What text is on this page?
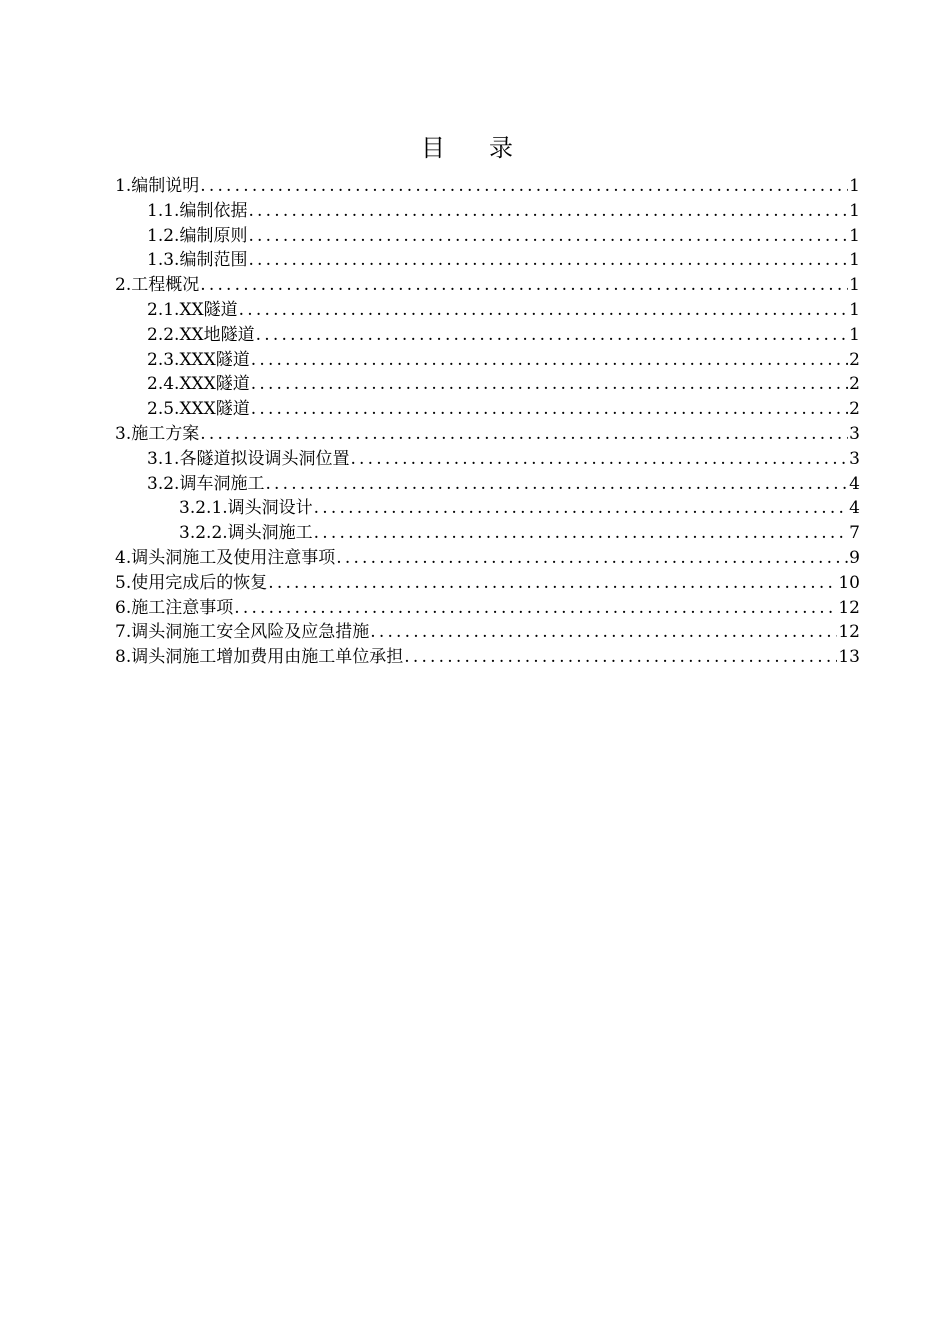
目录
1.编制说明 .....	1
1.1.编制依据 .....	1
1.2.编制原则 .....	1
1.3.编制范围 .....	1
2.工程概况 .....	1
2.1.XX隧道 .....	1
2.2.XX地隧道 .....	1
2.3.XXX隧道 .....	2
2.4.XXX隧道 .....	2
2.5.XXX隧道 .....	2
3.施工方案 .....	3
3.1.各隧道拟设调头洞位置 .....	3
3.2.调车洞施工 .....	4
3.2.1.调头洞设计 .....	4
3.2.2.调头洞施工 .....	7
4.调头洞施工及使用注意事项 .....	9
5.使用完成后的恢复 .....	10
6.施工注意事项 .....	12
7.调头洞施工安全风险及应急措施 .....	12
8.调头洞施工增加费用由施工单位承担 .....	13
